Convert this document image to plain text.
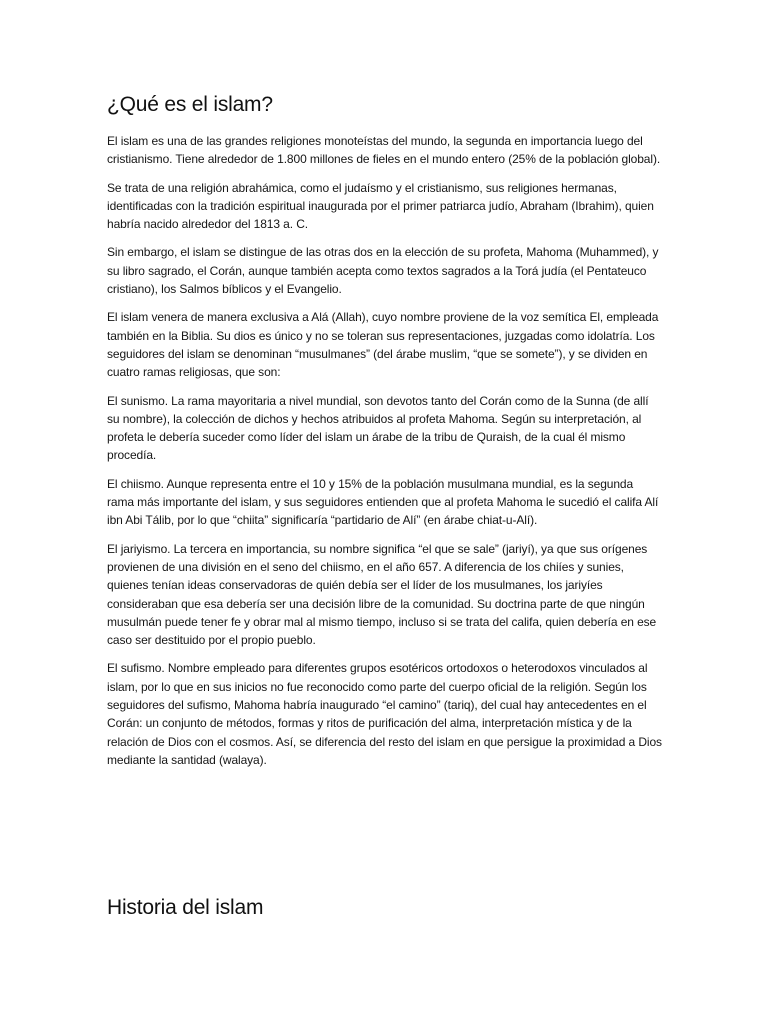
¿Qué es el islam?

El islam es una de las grandes religiones monoteístas del mundo, la segunda en importancia luego del cristianismo. Tiene alrededor de 1.800 millones de fieles en el mundo entero (25% de la población global).

Se trata de una religión abrahámica, como el judaísmo y el cristianismo, sus religiones hermanas, identificadas con la tradición espiritual inaugurada por el primer patriarca judío, Abraham (Ibrahim), quien habría nacido alrededor del 1813 a. C.

Sin embargo, el islam se distingue de las otras dos en la elección de su profeta, Mahoma (Muhammed), y su libro sagrado, el Corán, aunque también acepta como textos sagrados a la Torá judía (el Pentateuco cristiano), los Salmos bíblicos y el Evangelio.

El islam venera de manera exclusiva a Alá (Allah), cuyo nombre proviene de la voz semítica El, empleada también en la Biblia. Su dios es único y no se toleran sus representaciones, juzgadas como idolatría. Los seguidores del islam se denominan “musulmanes” (del árabe muslim, “que se somete”), y se dividen en cuatro ramas religiosas, que son:

El sunismo. La rama mayoritaria a nivel mundial, son devotos tanto del Corán como de la Sunna (de allí su nombre), la colección de dichos y hechos atribuidos al profeta Mahoma. Según su interpretación, al profeta le debería suceder como líder del islam un árabe de la tribu de Quraish, de la cual él mismo procedía.

El chiismo. Aunque representa entre el 10 y 15% de la población musulmana mundial, es la segunda rama más importante del islam, y sus seguidores entienden que al profeta Mahoma le sucedió el califa Alí ibn Abi Tálib, por lo que “chiita” significaría “partidario de Alí” (en árabe chiat-u-Alí).

El jariyismo. La tercera en importancia, su nombre significa “el que se sale” (jariyí), ya que sus orígenes provienen de una división en el seno del chiismo, en el año 657. A diferencia de los chiíes y sunies, quienes tenían ideas conservadoras de quién debía ser el líder de los musulmanes, los jariyíes consideraban que esa debería ser una decisión libre de la comunidad. Su doctrina parte de que ningún musulmán puede tener fe y obrar mal al mismo tiempo, incluso si se trata del califa, quien debería en ese caso ser destituido por el propio pueblo.

El sufismo. Nombre empleado para diferentes grupos esotéricos ortodoxos o heterodoxos vinculados al islam, por lo que en sus inicios no fue reconocido como parte del cuerpo oficial de la religión. Según los seguidores del sufismo, Mahoma habría inaugurado “el camino” (tariq), del cual hay antecedentes en el Corán: un conjunto de métodos, formas y ritos de purificación del alma, interpretación mística y de la relación de Dios con el cosmos. Así, se diferencia del resto del islam en que persigue la proximidad a Dios mediante la santidad (walaya).

Historia del islam
